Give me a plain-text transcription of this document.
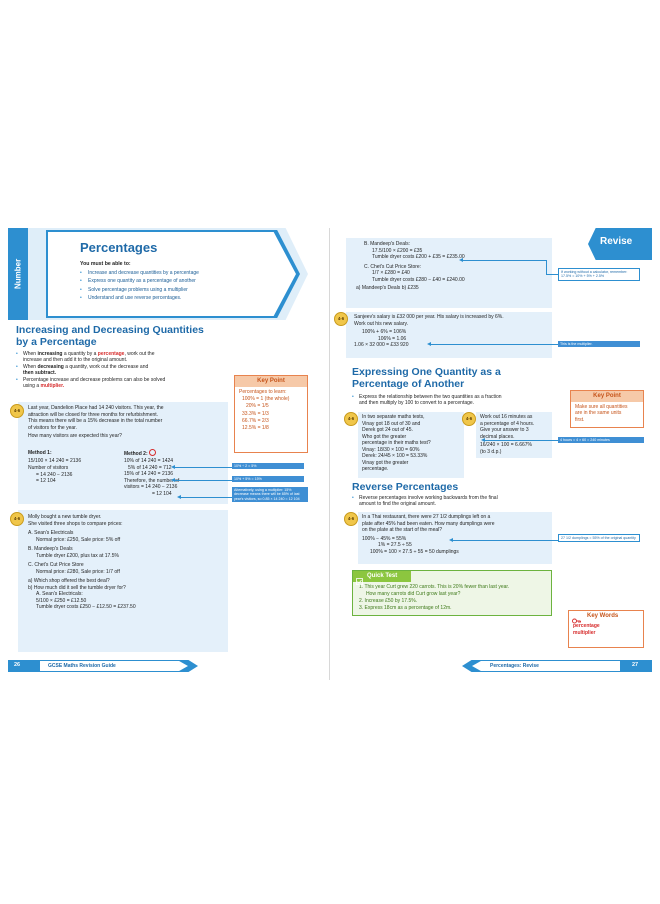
Number
Percentages
You must be able to:
• Increase and decrease quantities by a percentage
• Express one quantity as a percentage of another
• Solve percentage problems using a multiplier
• Understand and use reverse percentages.
Increasing and Decreasing Quantities
by a Percentage
• When increasing a quantity by a percentage, work out the
increase and then add it to the original amount.
• When decreasing a quantity, work out the decrease and
then subtract.
• Percentage increase and decrease problems can also be solved
using a multiplier.
4-6	Last year, Dandelion Place had 14 240 visitors. This year, the
attraction will be closed for three months for refurbishment.
This means there will be a 15% decrease in the total number
of visitors for the year.
How many visitors are expected this year?
Method 1:
15/100 × 14 240 = 2136
Number of visitors
= 14 240 − 2136
= 12 104
Method 2:
10% of 14 240 = 1424
5% of 14 240 = 712
15% of 14 240 = 2136
Therefore, the number of
visitors = 14 240 − 2136
= 12 104
10% ÷ 2 = 5%
10% + 5% = 15%
Alternatively, using a multiplier: 15% decrease means there will be 85% of last year's visitors, so 0.85 × 14 240 = 12 104
Key Point
Percentages to learn:
100% = 1 (the whole)
20% = 1/5
33.3% = 1/3
66.7% = 2/3
12.5% = 1/8
4-6	Molly bought a new tumble dryer.
She visited three shops to compare prices:
A. Sean's Electricals
Normal price: £250, Sale price: 5% off
B. Mandeep's Deals
Tumble dryer £200, plus tax at 17.5%
C. Chet's Cut Price Store
Normal price: £280, Sale price: 1/7 off
a) Which shop offered the best deal?
b) How much did it sell the tumble dryer for?
A. Sean's Electricals:
5/100 × £250 = £12.50
Tumble dryer costs £250 − £12.50 = £237.50
26	GCSE Maths Revision Guide
Revise
B. Mandeep's Deals:
17.5/100 × £200 = £35
Tumble dryer costs £200 + £35 = £235.00
C. Chet's Cut Price Store:
1/7 × £280 = £40
Tumble dryer costs £280 − £40 = £240.00
a) Mandeep's Deals b) £235
If working without a calculator, remember: 17.5% = 10% + 5% + 2.5%
4-6	Sanjeev's salary is £32 000 per year. His salary is increased by 6%.
Work out his new salary.
100% + 6% = 106%
106% = 1.06
1.06 × 32 000 = £33 920	This is the multiplier.
Expressing One Quantity as a
Percentage of Another
• Express the relationship between the two quantities as a fraction
and then multiply by 100 to convert to a percentage.
4-6	In two separate maths tests,
Vinay got 18 out of 30 and
Derek got 24 out of 45.
Who got the greater
percentage in their maths test?
Vinay: 18/30 × 100 = 60%
Derek: 24/45 × 100 = 53.33%
Vinay got the greater
percentage.
4-6	Work out 16 minutes as
a percentage of 4 hours.
Give your answer to 3
decimal places.
16/240 × 100 = 6.667%
(to 3 d.p.)
4 hours = 4 × 60 = 240 minutes
Key Point
Make sure all quantities
are in the same units
first.
Reverse Percentages
• Reverse percentages involve working backwards from the final
amount to find the original amount.
4-6	In a Thai restaurant, there were 27 1/2 dumplings left on a
plate after 45% had been eaten. How many dumplings were
on the plate at the start of the meal?
100% − 45% = 55%
1% = 27.5 ÷ 55
100% = 100 × 27.5 ÷ 55 = 50 dumplings
27 1/2 dumplings = 55% of the original quantity
Quick Test
1. This year Curt grew 220 carrots. This is 20% fewer than last year.
How many carrots did Curt grow last year?
2. Increase £50 by 17.5%.
3. Express 18cm as a percentage of 12m.
Key Words
percentage
multiplier
Percentages: Revise	27
